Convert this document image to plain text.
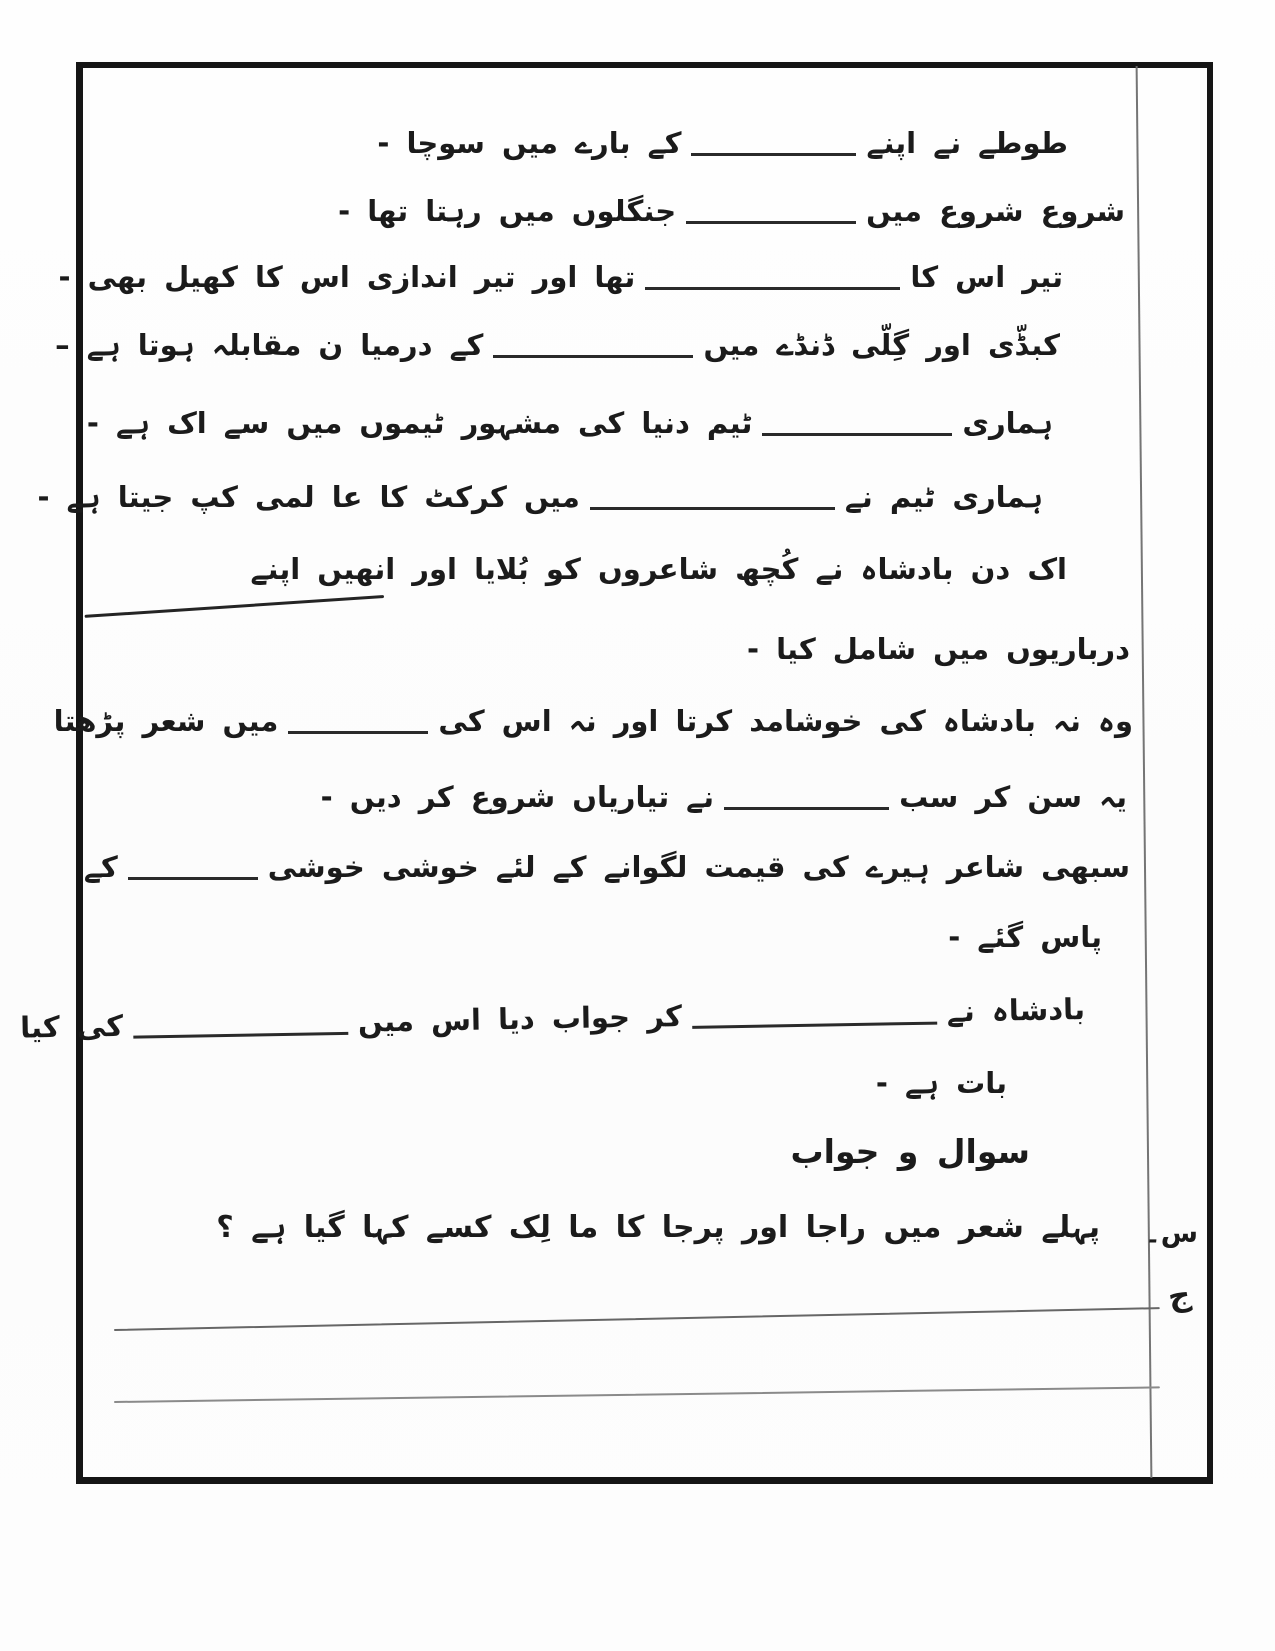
طوطے نے اپنےکے بارے میں سوچا -
شروع شروع میںجنگلوں میں رہتا تھا -
تیر اس کاتھا اور تیر اندازی اس کا کھیل بھی -
کبڈّی اور گِلّی ڈنڈے میںکے درمیا ن مقابلہ ہوتا ہے –
ہماریٹیم دنیا کی مشہور ٹیموں میں سے اک ہے -
ہماری ٹیم نےمیں کرکٹ کا عا لمی کپ جیتا ہے -
اک دن بادشاہ نے کُچھ شاعروں کو بُلایا اور انھیں اپنے
درباریوں میں شامل کیا -
وہ نہ بادشاہ کی خوشامد کرتا اور نہ اس کیمیں شعر پڑھتا
یہ سن کر سبنے تیاریاں شروع کر دیں -
سبھی شاعر ہیرے کی قیمت لگوانے کے لئے خوشی خوشیکے
پاس گئے -
بادشاہ نےکر جواب دیا اس میںکی کیا
بات ہے -
سوال و جواب
پہلے شعر میں راجا اور پرجا کا ما لِک کسے کہا گیا ہے ؟ س۔
ج
